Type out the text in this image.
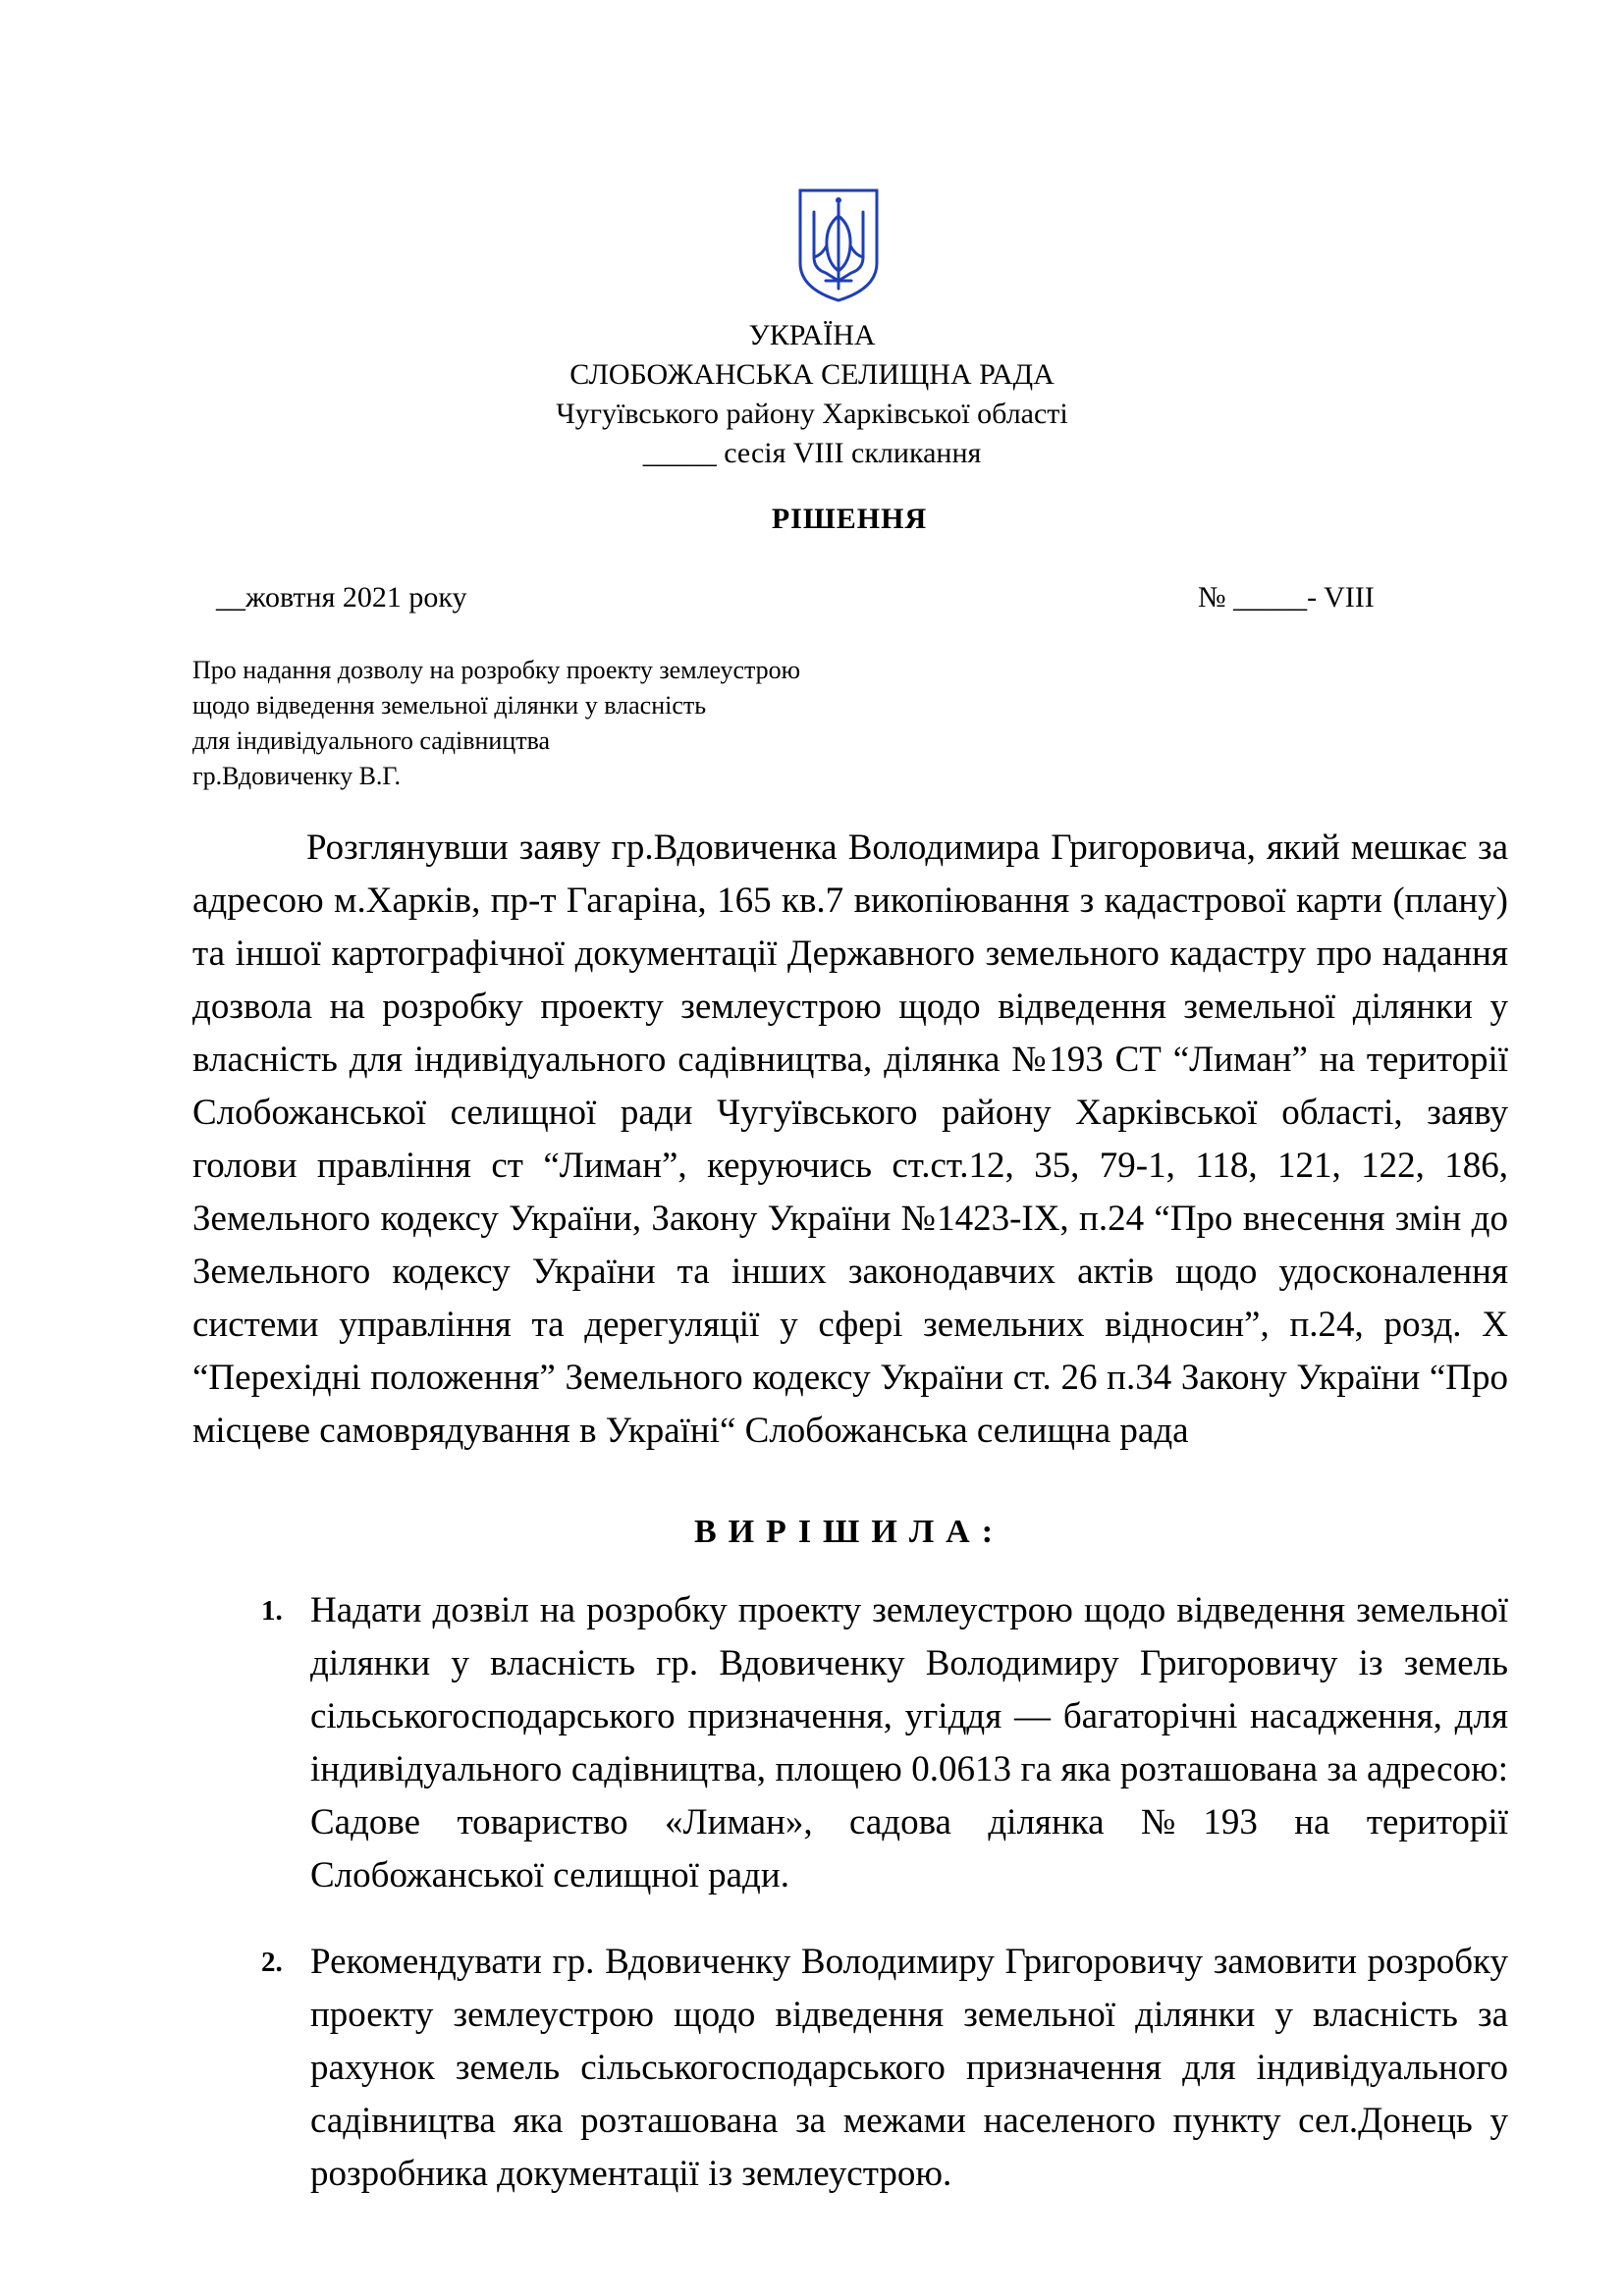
УКРАЇНА
СЛОБОЖАНСЬКА СЕЛИЩНА РАДА
Чугуївського району Харківської області
_____ сесія VIII скликання
РІШЕННЯ
__жовтня 2021 року	№ _____- VIII
Про надання дозволу на розробку проекту землеустрою
щодо відведення земельної ділянки у власність
для індивідуального садівництва
гр.Вдовиченку В.Г.

Розглянувши заяву гр.Вдовиченка Володимира Григоровича, який мешкає за адресою м.Харків, пр-т Гагаріна, 165 кв.7 викопіювання з кадастрової карти (плану) та іншої картографічної документації Державного земельного кадастру про надання дозвола на розробку проекту землеустрою щодо відведення земельної ділянки у власність для індивідуального садівництва, ділянка №193 СТ “Лиман” на території Слобожанської селищної ради Чугуївського району Харківської області, заяву голови правління ст “Лиман”, керуючись ст.ст.12, 35, 79-1, 118, 121, 122, 186, Земельного кодексу України, Закону України №1423-IX, п.24 “Про внесення змін до Земельного кодексу України та інших законодавчих актів щодо удосконалення системи управління та дерегуляції у сфері земельних відносин”, п.24, розд. X “Перехідні положення” Земельного кодексу України ст. 26 п.34 Закону України “Про місцеве самоврядування в Україні“ Слобожанська селищна рада

ВИРІШИЛА:
1. Надати дозвіл на розробку проекту землеустрою щодо відведення земельної ділянки у власність гр. Вдовиченку Володимиру Григоровичу із земель сільськогосподарського призначення, угіддя — багаторічні насадження, для індивідуального садівництва, площею 0.0613 га яка розташована за адресою: Садове товариство «Лиман», садова ділянка №193 на території Слобожанської селищної ради.
2. Рекомендувати гр. Вдовиченку Володимиру Григоровичу замовити розробку проекту землеустрою щодо відведення земельної ділянки у власність за рахунок земель сільськогосподарського призначення для індивідуального садівництва яка розташована за межами населеного пункту сел.Донець у розробника документації із землеустрою.
